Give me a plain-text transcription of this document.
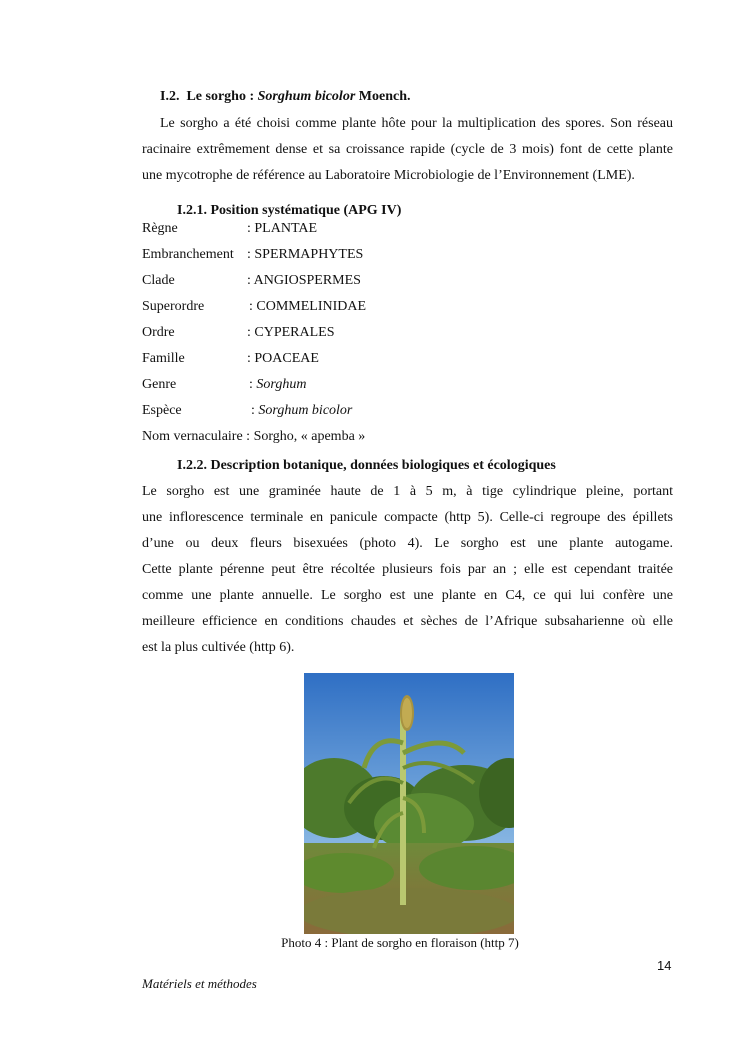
I.2. Le sorgho : Sorghum bicolor Moench.
Le sorgho a été choisi comme plante hôte pour la multiplication des spores. Son réseau
racinaire extrêmement dense et sa croissance rapide (cycle de 3 mois) font de cette plante
une mycotrophe de référence au Laboratoire Microbiologie de l’Environnement (LME).
I.2.1. Position systématique (APG IV)
Règne	: PLANTAE
Embranchement : SPERMAPHYTES
Clade	: ANGIOSPERMES
Superordre	: COMMELINIDAE
Ordre	: CYPERALES
Famille	: POACEAE
Genre	: Sorghum
Espèce	: Sorghum bicolor
Nom vernaculaire : Sorgho, « apemba »
I.2.2. Description botanique, données biologiques et écologiques
Le sorgho est une graminée haute de 1 à 5 m, à tige cylindrique pleine, portant
une inflorescence terminale en panicule compacte (http 5). Celle-ci regroupe des épillets
d’une ou deux fleurs bisexuées (photo 4). Le sorgho est une plante autogame.
Cette plante pérenne peut être récoltée plusieurs fois par an ; elle est cependant traitée
comme une plante annuelle. Le sorgho est une plante en C4, ce qui lui confère une
meilleure efficience en conditions chaudes et sèches de l’Afrique subsaharienne où elle
est la plus cultivée (http 6).
Photo 4 : Plant de sorgho en floraison (http 7)
14
Matériels et méthodes
